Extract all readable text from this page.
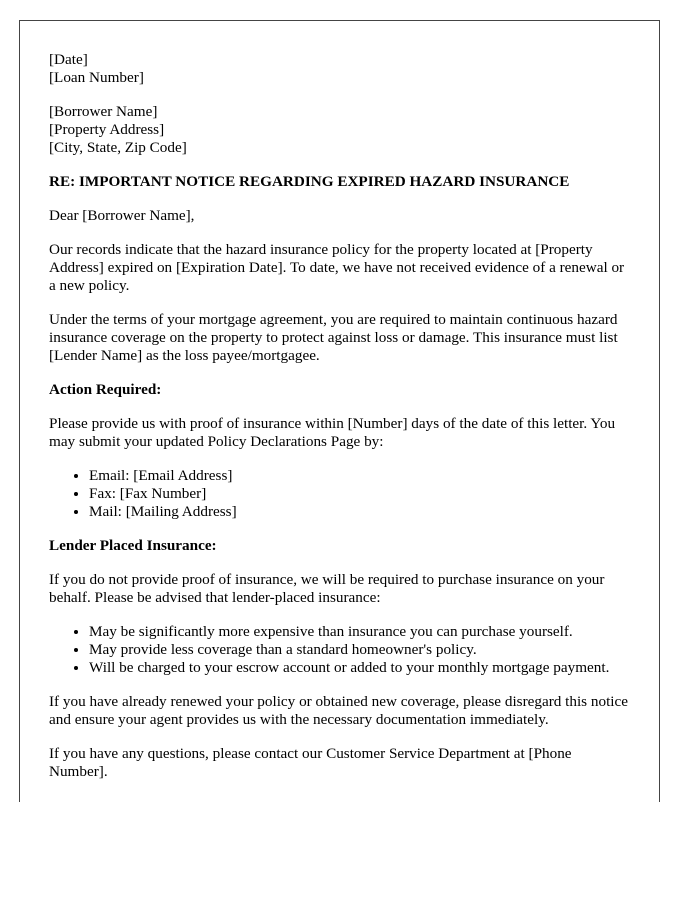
[Date]
[Loan Number]
[Borrower Name]
[Property Address]
[City, State, Zip Code]
RE: IMPORTANT NOTICE REGARDING EXPIRED HAZARD INSURANCE

Dear [Borrower Name],

Our records indicate that the hazard insurance policy for the property located at [Property Address] expired on [Expiration Date]. To date, we have not received evidence of a renewal or a new policy.

Under the terms of your mortgage agreement, you are required to maintain continuous hazard insurance coverage on the property to protect against loss or damage. This insurance must list [Lender Name] as the loss payee/mortgagee.

Action Required:

Please provide us with proof of insurance within [Number] days of the date of this letter. You may submit your updated Policy Declarations Page by:

• Email: [Email Address]
• Fax: [Fax Number]
• Mail: [Mailing Address]
Lender Placed Insurance:

If you do not provide proof of insurance, we will be required to purchase insurance on your behalf. Please be advised that lender-placed insurance:

• May be significantly more expensive than insurance you can purchase yourself.
• May provide less coverage than a standard homeowner's policy.
• Will be charged to your escrow account or added to your monthly mortgage payment.

If you have already renewed your policy or obtained new coverage, please disregard this notice and ensure your agent provides us with the necessary documentation immediately.

If you have any questions, please contact our Customer Service Department at [Phone Number].
